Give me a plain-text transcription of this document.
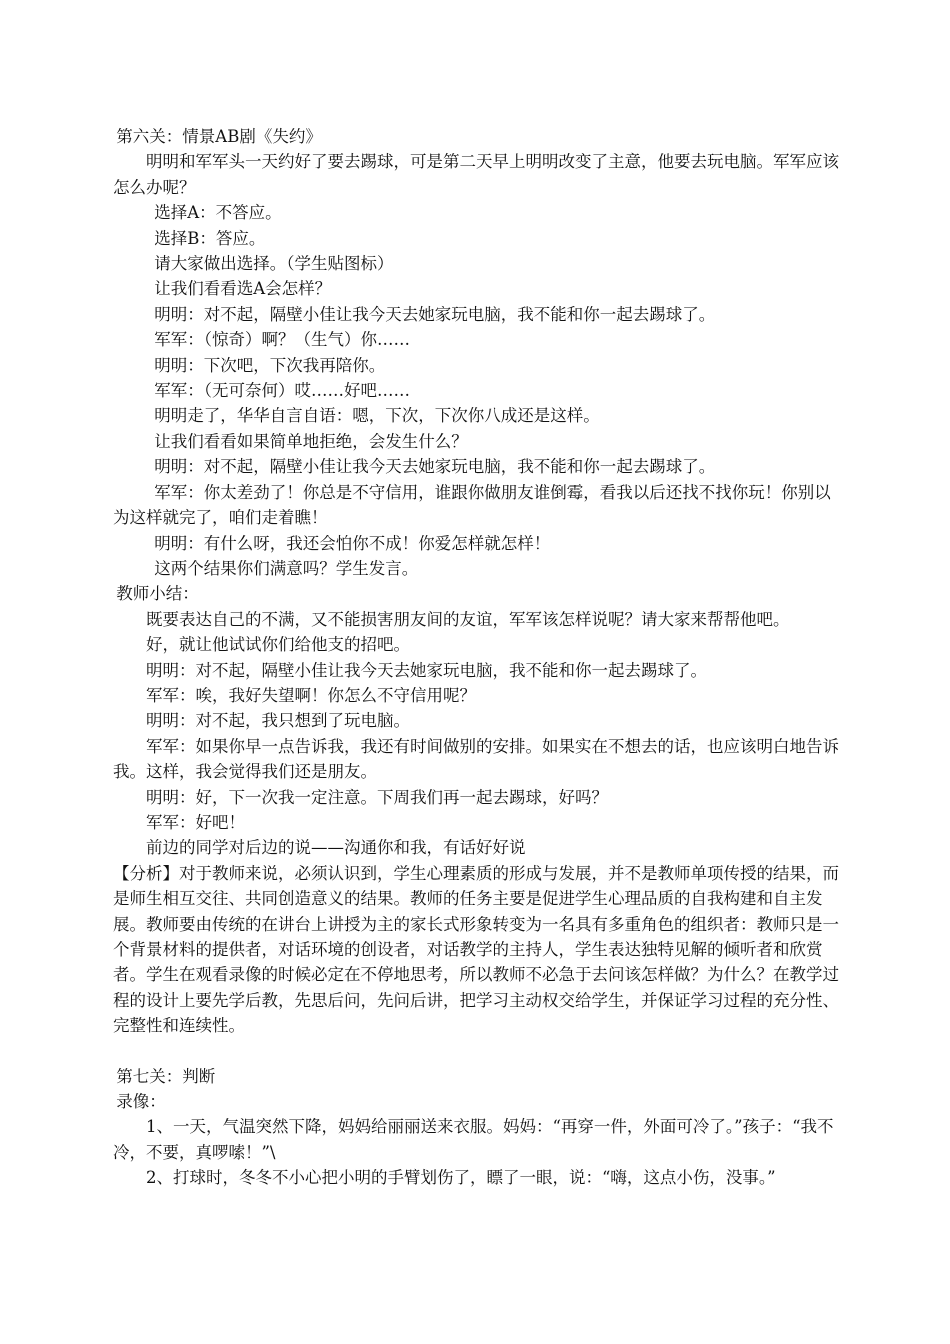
第六关：情景AB剧《失约》

明明和军军头一天约好了要去踢球，可是第二天早上明明改变了主意，他要去玩电脑。军军应该怎么办呢？

选择A：不答应。

选择B：答应。

请大家做出选择。（学生贴图标）

让我们看看选A会怎样？

明明：对不起，隔壁小佳让我今天去她家玩电脑，我不能和你一起去踢球了。

军军：（惊奇）啊？（生气）你……

明明：下次吧，下次我再陪你。

军军：（无可奈何）哎……好吧……

明明走了，华华自言自语：嗯，下次，下次你八成还是这样。

让我们看看如果简单地拒绝，会发生什么？

明明：对不起，隔壁小佳让我今天去她家玩电脑，我不能和你一起去踢球了。

军军：你太差劲了！你总是不守信用，谁跟你做朋友谁倒霉，看我以后还找不找你玩！你别以为这样就完了，咱们走着瞧！

明明：有什么呀，我还会怕你不成！你爱怎样就怎样！

这两个结果你们满意吗？学生发言。

教师小结：

既要表达自己的不满，又不能损害朋友间的友谊，军军该怎样说呢？请大家来帮帮他吧。

好，就让他试试你们给他支的招吧。

明明：对不起，隔壁小佳让我今天去她家玩电脑，我不能和你一起去踢球了。

军军：唉，我好失望啊！你怎么不守信用呢？

明明：对不起，我只想到了玩电脑。

军军：如果你早一点告诉我，我还有时间做别的安排。如果实在不想去的话，也应该明白地告诉我。这样，我会觉得我们还是朋友。

明明：好，下一次我一定注意。下周我们再一起去踢球，好吗？

军军：好吧！

前边的同学对后边的说——沟通你和我，有话好好说

【分析】对于教师来说，必须认识到，学生心理素质的形成与发展，并不是教师单项传授的结果，而是师生相互交往、共同创造意义的结果。教师的任务主要是促进学生心理品质的自我构建和自主发展。教师要由传统的在讲台上讲授为主的家长式形象转变为一名具有多重角色的组织者：教师只是一个背景材料的提供者，对话环境的创设者，对话教学的主持人，学生表达独特见解的倾听者和欣赏者。学生在观看录像的时候必定在不停地思考，所以教师不必急于去问该怎样做？为什么？在教学过程的设计上要先学后教，先思后问，先问后讲，把学习主动权交给学生，并保证学习过程的充分性、完整性和连续性。

第七关：判断

录像：

1、一天，气温突然下降，妈妈给丽丽送来衣服。妈妈：“再穿一件，外面可冷了。”孩子：“我不冷，不要，真啰嗦！”\

2、打球时，冬冬不小心把小明的手臂划伤了，瞟了一眼，说：“嗨，这点小伤，没事。”
